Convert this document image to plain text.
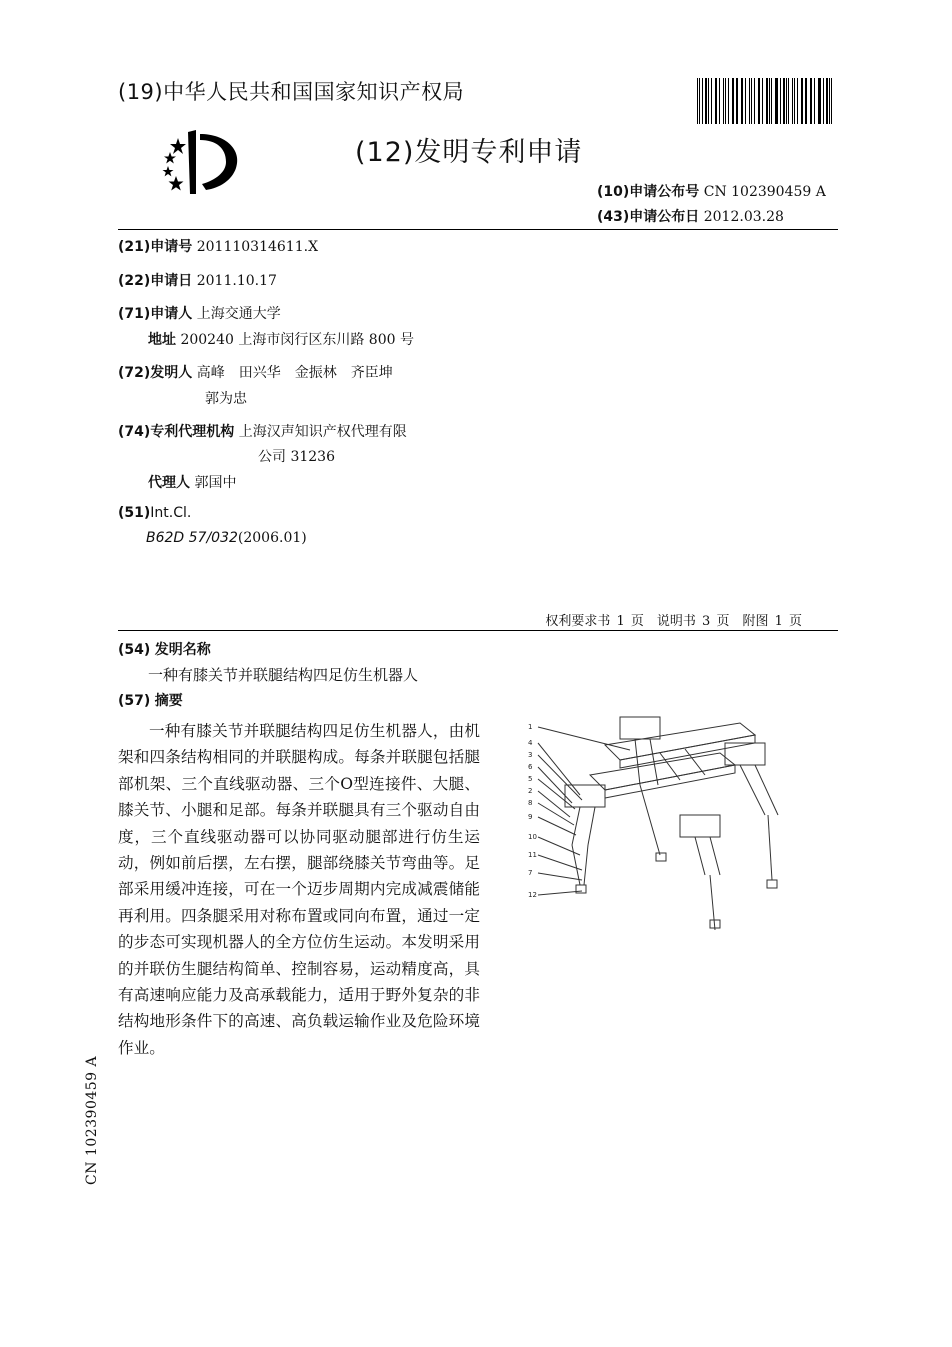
(19)中华人民共和国国家知识产权局
(12)发明专利申请
(10)申请公布号 CN 102390459 A
(43)申请公布日 2012.03.28
(21)申请号 201110314611.X
(22)申请日 2011.10.17
(71)申请人 上海交通大学
地址 200240 上海市闵行区东川路 800 号
(72)发明人 高峰　田兴华　金振林　齐臣坤
郭为忠
(74)专利代理机构 上海汉声知识产权代理有限
公司 31236
代理人 郭国中
(51)Int.Cl.
B62D 57/032(2006.01)
权利要求书 1 页　说明书 3 页　附图 1 页
(54) 发明名称
一种有膝关节并联腿结构四足仿生机器人
(57) 摘要

一种有膝关节并联腿结构四足仿生机器人，由机架和四条结构相同的并联腿构成。每条并联腿包括腿部机架、三个直线驱动器、三个O型连接件、大腿、膝关节、小腿和足部。每条并联腿具有三个驱动自由度，三个直线驱动器可以协同驱动腿部进行仿生运动，例如前后摆，左右摆，腿部绕膝关节弯曲等。足部采用缓冲连接，可在一个迈步周期内完成减震储能再利用。四条腿采用对称布置或同向布置，通过一定的步态可实现机器人的全方位仿生运动。本发明采用的并联仿生腿结构简单、控制容易，运动精度高，具有高速响应能力及高承载能力，适用于野外复杂的非结构地形条件下的高速、高负载运输作业及危险环境作业。

1
4
3
6
5
2
8
9
10
11
7
12
CN 102390459 A
